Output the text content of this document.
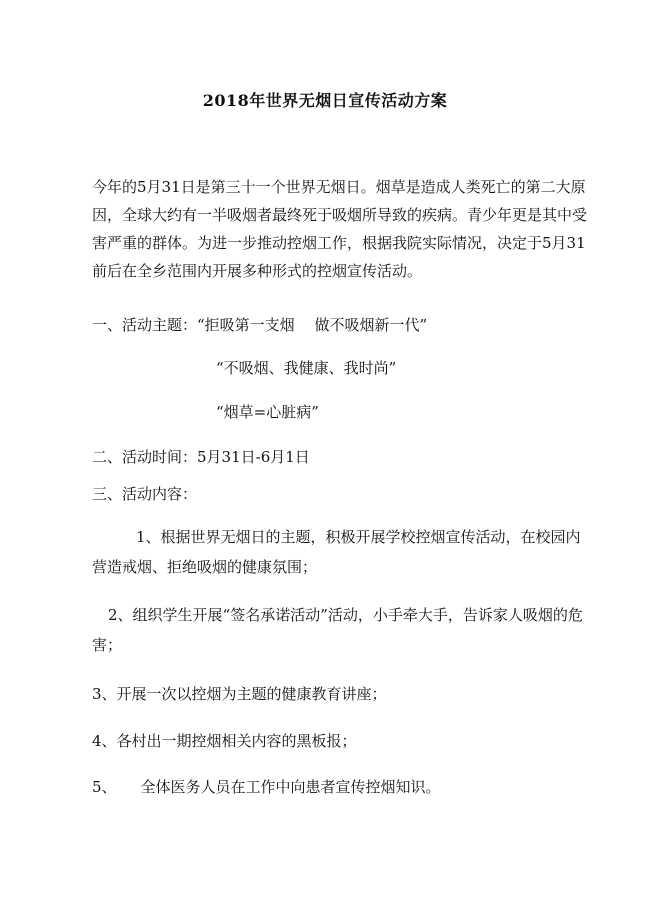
2018年世界无烟日宣传活动方案
今年的5月31日是第三十一个世界无烟日。烟草是造成人类死亡的第二大原因，全球大约有一半吸烟者最终死于吸烟所导致的疾病。青少年更是其中受害严重的群体。为进一步推动控烟工作，根据我院实际情况，决定于5月31前后在全乡范围内开展多种形式的控烟宣传活动。
一、活动主题：“拒吸第一支烟　 做不吸烟新一代”
“不吸烟、我健康、我时尚”
“烟草=心脏病”
二、活动时间：5月31日-6月1日
三、活动内容：
1、根据世界无烟日的主题，积极开展学校控烟宣传活动，在校园内营造戒烟、拒绝吸烟的健康氛围；
2、组织学生开展“签名承诺活动”活动，小手牵大手，告诉家人吸烟的危害；
3、开展一次以控烟为主题的健康教育讲座；
4、各村出一期控烟相关内容的黑板报；
5、 全体医务人员在工作中向患者宣传控烟知识。
